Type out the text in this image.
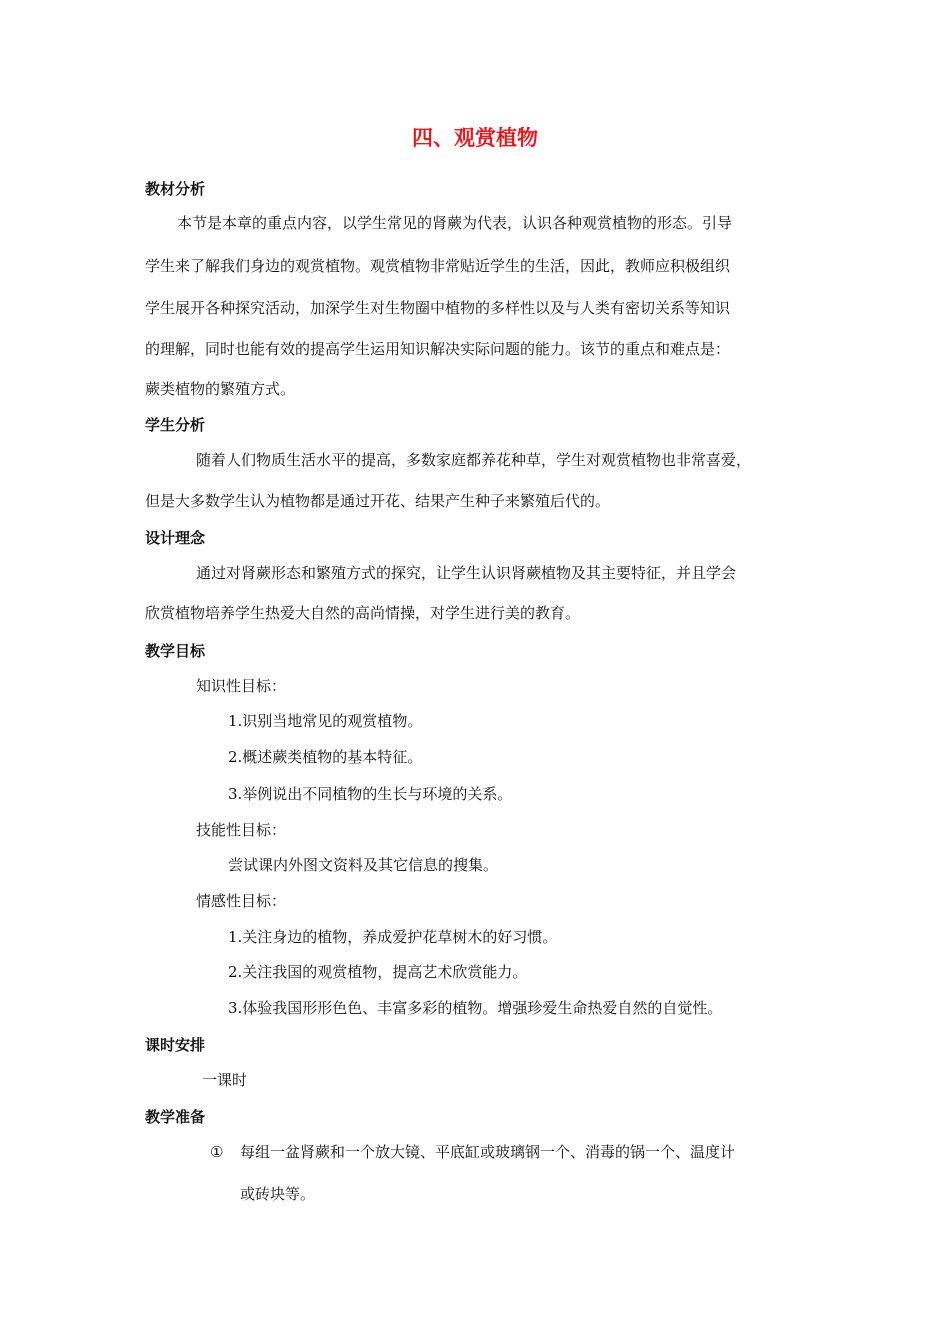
四、观赏植物
教材分析
本节是本章的重点内容，以学生常见的肾蕨为代表，认识各种观赏植物的形态。引导
学生来了解我们身边的观赏植物。观赏植物非常贴近学生的生活，因此，教师应积极组织
学生展开各种探究活动，加深学生对生物圈中植物的多样性以及与人类有密切关系等知识
的理解，同时也能有效的提高学生运用知识解决实际问题的能力。该节的重点和难点是：
蕨类植物的繁殖方式。
学生分析
随着人们物质生活水平的提高，多数家庭都养花种草，学生对观赏植物也非常喜爱，
但是大多数学生认为植物都是通过开花、结果产生种子来繁殖后代的。
设计理念
通过对肾蕨形态和繁殖方式的探究，让学生认识肾蕨植物及其主要特征，并且学会
欣赏植物培养学生热爱大自然的高尚情操，对学生进行美的教育。
教学目标
知识性目标：
1.识别当地常见的观赏植物。
2.概述蕨类植物的基本特征。
3.举例说出不同植物的生长与环境的关系。
技能性目标：
尝试课内外图文资料及其它信息的搜集。
情感性目标：
1.关注身边的植物，养成爱护花草树木的好习惯。
2.关注我国的观赏植物，提高艺术欣赏能力。
3.体验我国形形色色、丰富多彩的植物。增强珍爱生命热爱自然的自觉性。
课时安排
一课时
教学准备
① 每组一盆肾蕨和一个放大镜、平底缸或玻璃钢一个、消毒的锅一个、温度计
或砖块等。
